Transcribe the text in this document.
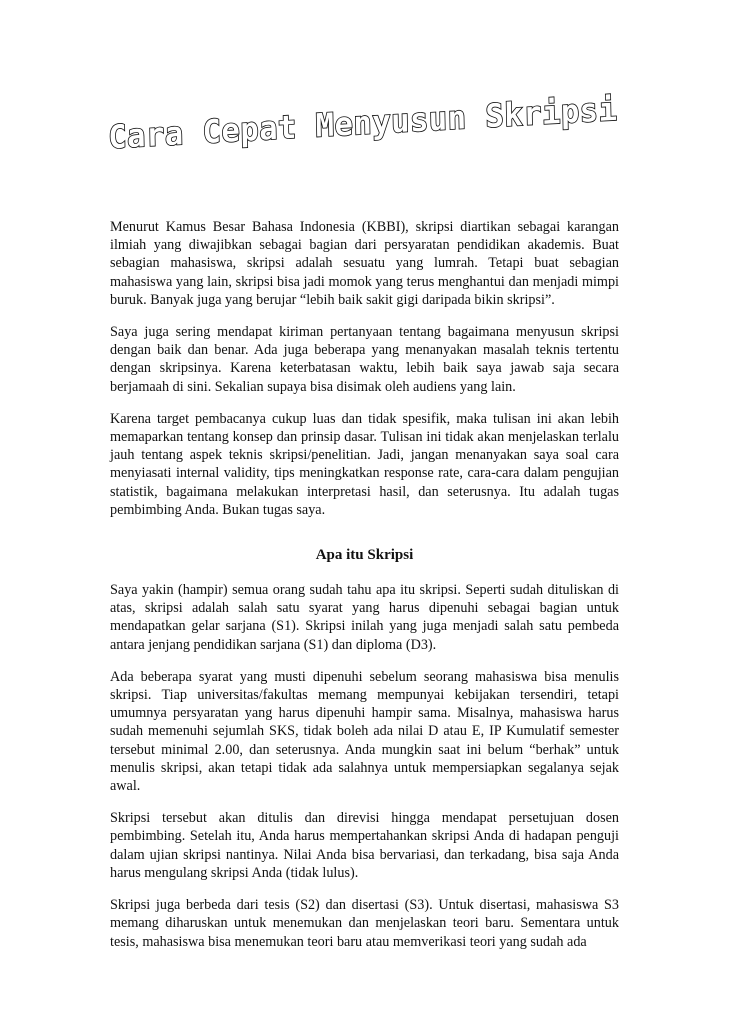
Cara Cepat Menyusun Skripsi

Menurut Kamus Besar Bahasa Indonesia (KBBI), skripsi diartikan sebagai karangan ilmiah yang diwajibkan sebagai bagian dari persyaratan pendidikan akademis. Buat sebagian mahasiswa, skripsi adalah sesuatu yang lumrah. Tetapi buat sebagian mahasiswa yang lain, skripsi bisa jadi momok yang terus menghantui dan menjadi mimpi buruk. Banyak juga yang berujar “lebih baik sakit gigi daripada bikin skripsi”.

Saya juga sering mendapat kiriman pertanyaan tentang bagaimana menyusun skripsi dengan baik dan benar. Ada juga beberapa yang menanyakan masalah teknis tertentu dengan skripsinya. Karena keterbatasan waktu, lebih baik saya jawab saja secara berjamaah di sini. Sekalian supaya bisa disimak oleh audiens yang lain.

Karena target pembacanya cukup luas dan tidak spesifik, maka tulisan ini akan lebih memaparkan tentang konsep dan prinsip dasar. Tulisan ini tidak akan menjelaskan terlalu jauh tentang aspek teknis skripsi/penelitian. Jadi, jangan menanyakan saya soal cara menyiasati internal validity, tips meningkatkan response rate, cara-cara dalam pengujian statistik, bagaimana melakukan interpretasi hasil, dan seterusnya. Itu adalah tugas pembimbing Anda. Bukan tugas saya.

Apa itu Skripsi

Saya yakin (hampir) semua orang sudah tahu apa itu skripsi. Seperti sudah dituliskan di atas, skripsi adalah salah satu syarat yang harus dipenuhi sebagai bagian untuk mendapatkan gelar sarjana (S1). Skripsi inilah yang juga menjadi salah satu pembeda antara jenjang pendidikan sarjana (S1) dan diploma (D3).

Ada beberapa syarat yang musti dipenuhi sebelum seorang mahasiswa bisa menulis skripsi. Tiap universitas/fakultas memang mempunyai kebijakan tersendiri, tetapi umumnya persyaratan yang harus dipenuhi hampir sama. Misalnya, mahasiswa harus sudah memenuhi sejumlah SKS, tidak boleh ada nilai D atau E, IP Kumulatif semester tersebut minimal 2.00, dan seterusnya. Anda mungkin saat ini belum “berhak” untuk menulis skripsi, akan tetapi tidak ada salahnya untuk mempersiapkan segalanya sejak awal.

Skripsi tersebut akan ditulis dan direvisi hingga mendapat persetujuan dosen pembimbing. Setelah itu, Anda harus mempertahankan skripsi Anda di hadapan penguji dalam ujian skripsi nantinya. Nilai Anda bisa bervariasi, dan terkadang, bisa saja Anda harus mengulang skripsi Anda (tidak lulus).

Skripsi juga berbeda dari tesis (S2) dan disertasi (S3). Untuk disertasi, mahasiswa S3 memang diharuskan untuk menemukan dan menjelaskan teori baru. Sementara untuk tesis, mahasiswa bisa menemukan teori baru atau memverikasi teori yang sudah ada
